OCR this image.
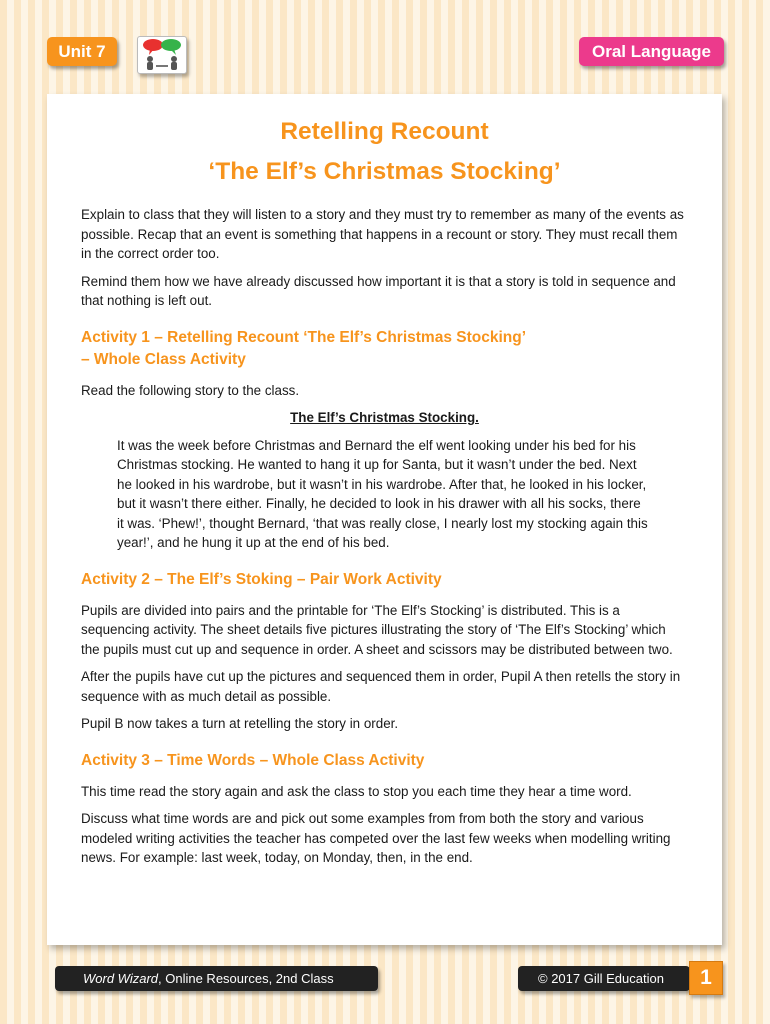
Unit 7	Oral Language
Retelling Recount
‘The Elf’s Christmas Stocking’

Explain to class that they will listen to a story and they must try to remember as many of the events as possible. Recap that an event is something that happens in a recount or story. They must recall them in the correct order too.

Remind them how we have already discussed how important it is that a story is told in sequence and that nothing is left out.

Activity 1 – Retelling Recount ‘The Elf’s Christmas Stocking’
– Whole Class Activity

Read the following story to the class.

The Elf’s Christmas Stocking.

It was the week before Christmas and Bernard the elf went looking under his bed for his Christmas stocking. He wanted to hang it up for Santa, but it wasn’t under the bed. Next he looked in his wardrobe, but it wasn’t in his wardrobe. After that, he looked in his locker, but it wasn’t there either. Finally, he decided to look in his drawer with all his socks, there it was. ‘Phew!’, thought Bernard, ‘that was really close, I nearly lost my stocking again this year!’, and he hung it up at the end of his bed.

Activity 2 – The Elf’s Stoking – Pair Work Activity

Pupils are divided into pairs and the printable for ‘The Elf’s Stocking’ is distributed. This is a sequencing activity. The sheet details five pictures illustrating the story of ‘The Elf’s Stocking’ which the pupils must cut up and sequence in order. A sheet and scissors may be distributed between two.

After the pupils have cut up the pictures and sequenced them in order, Pupil A then retells the story in sequence with as much detail as possible.

Pupil B now takes a turn at retelling the story in order.

Activity 3 – Time Words – Whole Class Activity

This time read the story again and ask the class to stop you each time they hear a time word.

Discuss what time words are and pick out some examples from from both the story and various modeled writing activities the teacher has competed over the last few weeks when modelling writing news. For example: last week, today, on Monday, then, in the end.

Word Wizard , Online Resources, 2nd Class	© 2017 Gill Education	1
